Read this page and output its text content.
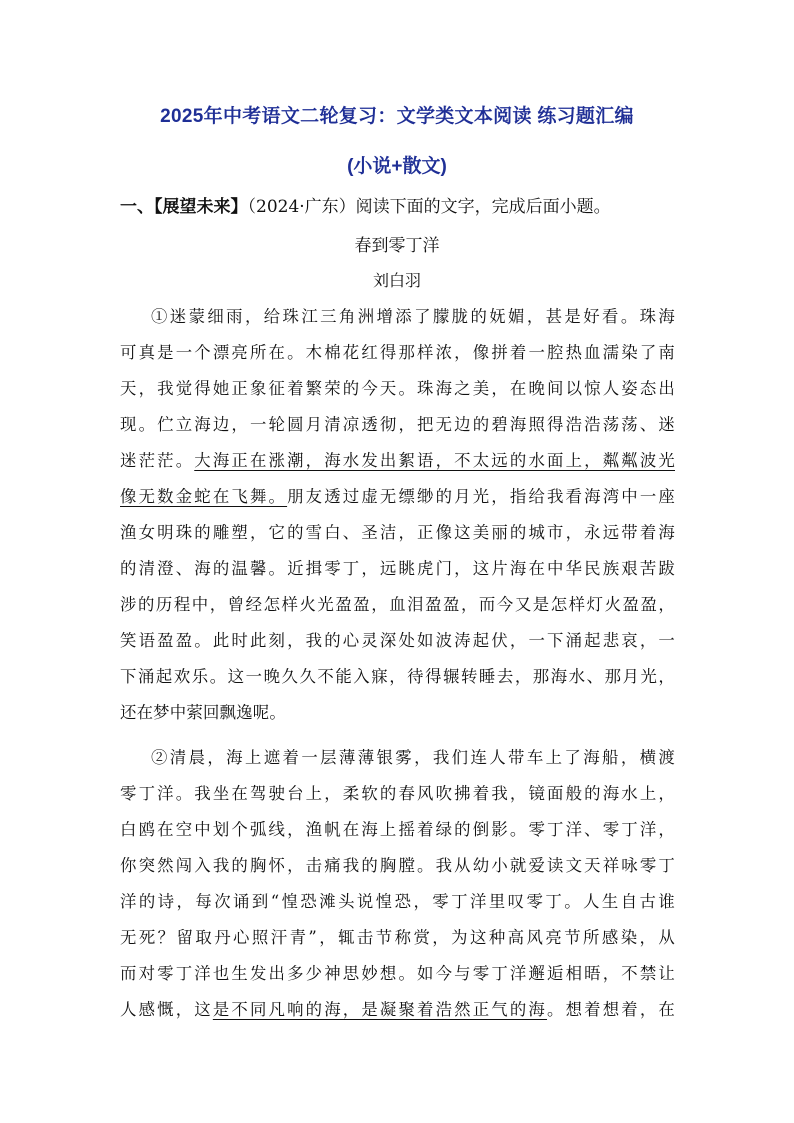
2025年中考语文二轮复习：文学类文本阅读 练习题汇编
(小说+散文)
一、【展望未来】（2024·广东）阅读下面的文字，完成后面小题。
春到零丁洋
刘白羽
①迷蒙细雨，给珠江三角洲增添了朦胧的妩媚，甚是好看。珠海
可真是一个漂亮所在。木棉花红得那样浓，像拼着一腔热血濡染了南
天，我觉得她正象征着繁荣的今天。珠海之美，在晚间以惊人姿态出
现。伫立海边，一轮圆月清凉透彻，把无边的碧海照得浩浩荡荡、迷
迷茫茫。大海正在涨潮，海水发出絮语，不太远的水面上，粼粼波光
像无数金蛇在飞舞。朋友透过虚无缥缈的月光，指给我看海湾中一座
渔女明珠的雕塑，它的雪白、圣洁，正像这美丽的城市，永远带着海
的清澄、海的温馨。近揖零丁，远眺虎门，这片海在中华民族艰苦跋
涉的历程中，曾经怎样火光盈盈，血泪盈盈，而今又是怎样灯火盈盈，
笑语盈盈。此时此刻，我的心灵深处如波涛起伏，一下涌起悲哀，一
下涌起欢乐。这一晚久久不能入寐，待得辗转睡去，那海水、那月光，
还在梦中萦回飘逸呢。
②清晨，海上遮着一层薄薄银雾，我们连人带车上了海船，横渡
零丁洋。我坐在驾驶台上，柔软的春风吹拂着我，镜面般的海水上，
白鸥在空中划个弧线，渔帆在海上摇着绿的倒影。零丁洋、零丁洋，
你突然闯入我的胸怀，击痛我的胸膛。我从幼小就爱读文天祥咏零丁
洋的诗，每次诵到“惶恐滩头说惶恐，零丁洋里叹零丁。人生自古谁
无死？留取丹心照汗青”，辄击节称赏，为这种高风亮节所感染，从
而对零丁洋也生发出多少神思妙想。如今与零丁洋邂逅相晤，不禁让
人感慨，这是不同凡响的海，是凝聚着浩然正气的海。想着想着，在
